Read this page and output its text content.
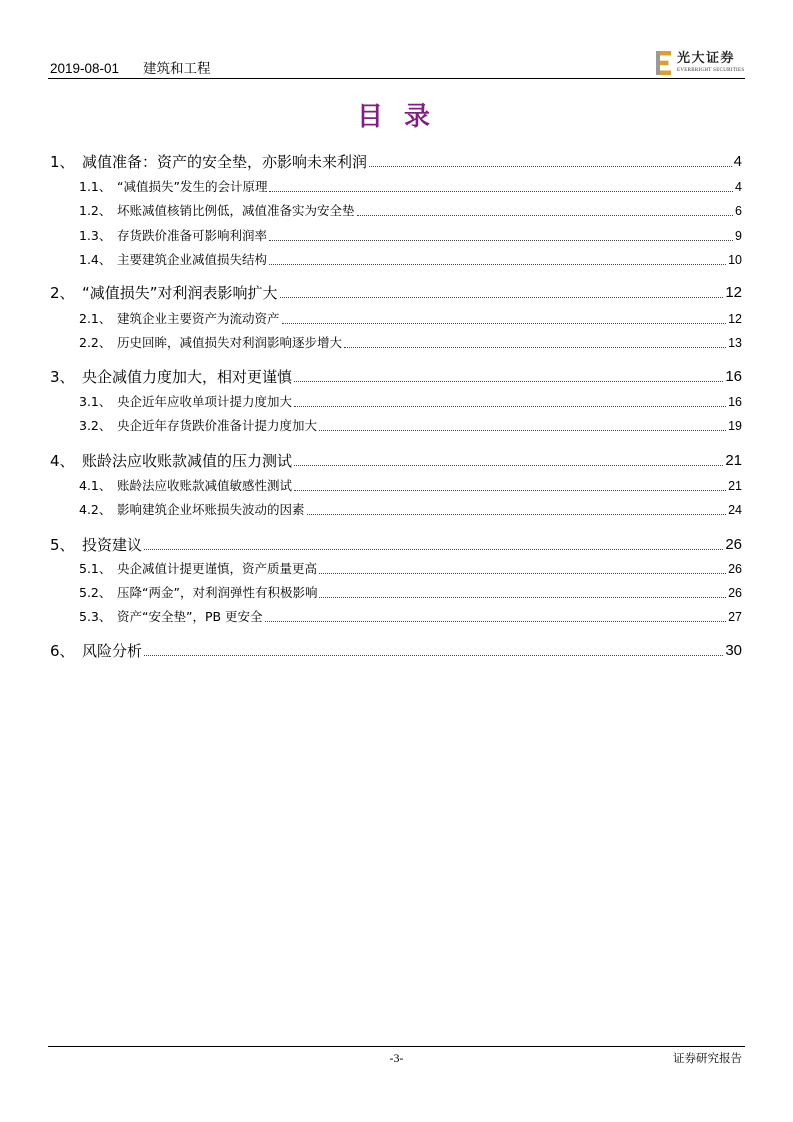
2019-08-01 建筑和工程
光大证券
EVERBRIGHT SECURITIES
目 录
1、 减值准备：资产的安全垫，亦影响未来利润	4
1.1、 “减值损失”发生的会计原理	4
1.2、 坏账减值核销比例低，减值准备实为安全垫	6
1.3、 存货跌价准备可影响利润率	9
1.4、 主要建筑企业减值损失结构	10
2、 “减值损失”对利润表影响扩大	12
2.1、 建筑企业主要资产为流动资产	12
2.2、 历史回眸，减值损失对利润影响逐步增大	13
3、 央企减值力度加大，相对更谨慎	16
3.1、 央企近年应收单项计提力度加大	16
3.2、 央企近年存货跌价准备计提力度加大	19
4、 账龄法应收账款减值的压力测试	21
4.1、 账龄法应收账款减值敏感性测试	21
4.2、 影响建筑企业坏账损失波动的因素	24
5、 投资建议	26
5.1、 央企减值计提更谨慎，资产质量更高	26
5.2、 压降“两金”，对利润弹性有积极影响	26
5.3、 资产“安全垫”，PB 更安全	27
6、 风险分析	30
-3-	证券研究报告
